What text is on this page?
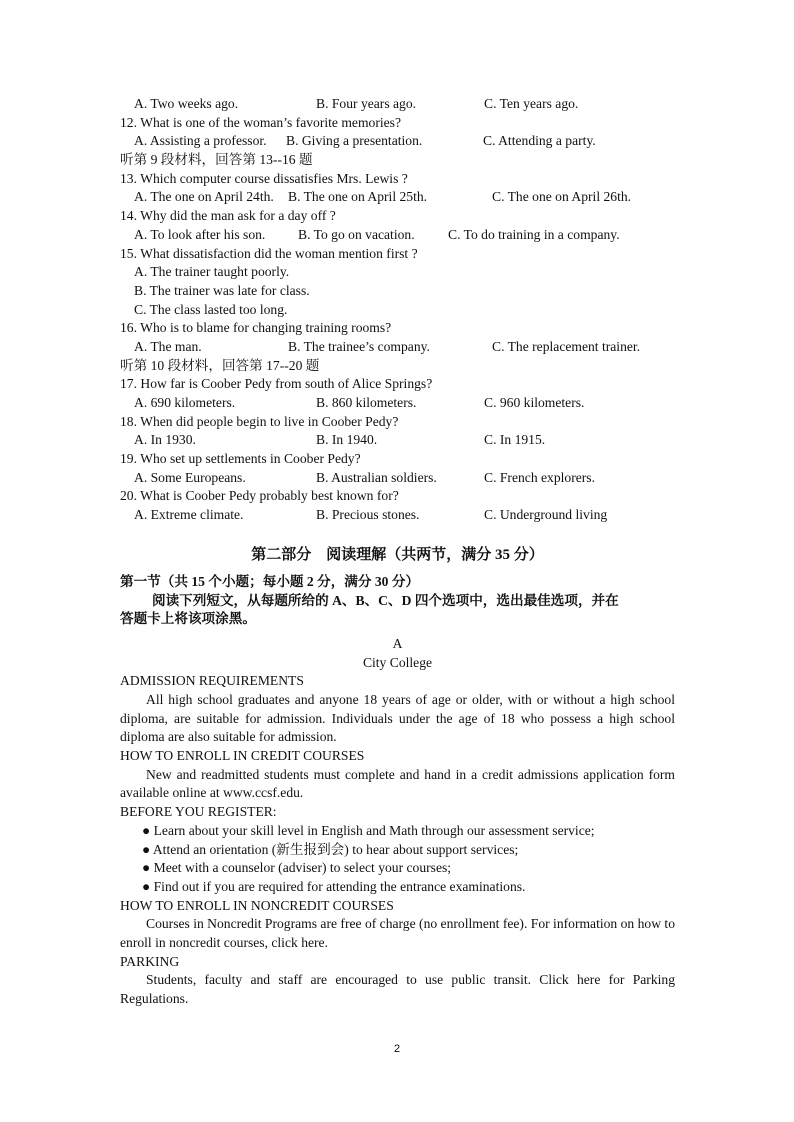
A. Two weeks ago.	B. Four years ago.	C. Ten years ago.
12. What is one of the woman’s favorite memories?
A. Assisting a professor.	B. Giving a presentation.	C. Attending a party.
听第 9 段材料，回答第 13--16 题
13. Which computer course dissatisfies Mrs. Lewis ?
A. The one on April 24th.	B. The one on April 25th.	C. The one on April 26th.
14. Why did the man ask for a day off ?
A. To look after his son.	B. To go on vacation.	C. To do training in a company.
15. What dissatisfaction did the woman mention first ?
A. The trainer taught poorly.
B. The trainer was late for class.
C. The class lasted too long.
16. Who is to blame for changing training rooms?
A. The man.	B. The trainee’s company.	C. The replacement trainer.
听第 10 段材料，回答第 17--20 题
17. How far is Coober Pedy from south of Alice Springs?
A. 690 kilometers.	B. 860 kilometers.	C. 960 kilometers.
18. When did people begin to live in Coober Pedy?
A. In 1930.	B. In 1940.	C. In 1915.
19. Who set up settlements in Coober Pedy?
A. Some Europeans.	B. Australian soldiers.	C. French explorers.
20. What is Coober Pedy probably best known for?
A. Extreme climate.	B. Precious stones.	C. Underground living
第二部分　阅读理解（共两节，满分 35 分）
第一节（共 15 个小题；每小题 2 分，满分 30 分）
阅读下列短文，从每题所给的 A、B、C、D 四个选项中，选出最佳选项，并在
答题卡上将该项涂黑。
A
City College
ADMISSION REQUIREMENTS
All high school graduates and anyone 18 years of age or older, with or without a high school diploma, are suitable for admission. Individuals under the age of 18 who possess a high school diploma are also suitable for admission.
HOW TO ENROLL IN CREDIT COURSES
New and readmitted students must complete and hand in a credit admissions application form available online at www.ccsf.edu.
BEFORE YOU REGISTER:
● Learn about your skill level in English and Math through our assessment service;
● Attend an orientation (新生报到会) to hear about support services;
● Meet with a counselor (adviser) to select your courses;
● Find out if you are required for attending the entrance examinations.
HOW TO ENROLL IN NONCREDIT COURSES
Courses in Noncredit Programs are free of charge (no enrollment fee). For information on how to enroll in noncredit courses, click here.
PARKING
Students, faculty and staff are encouraged to use public transit. Click here for Parking Regulations.
2
